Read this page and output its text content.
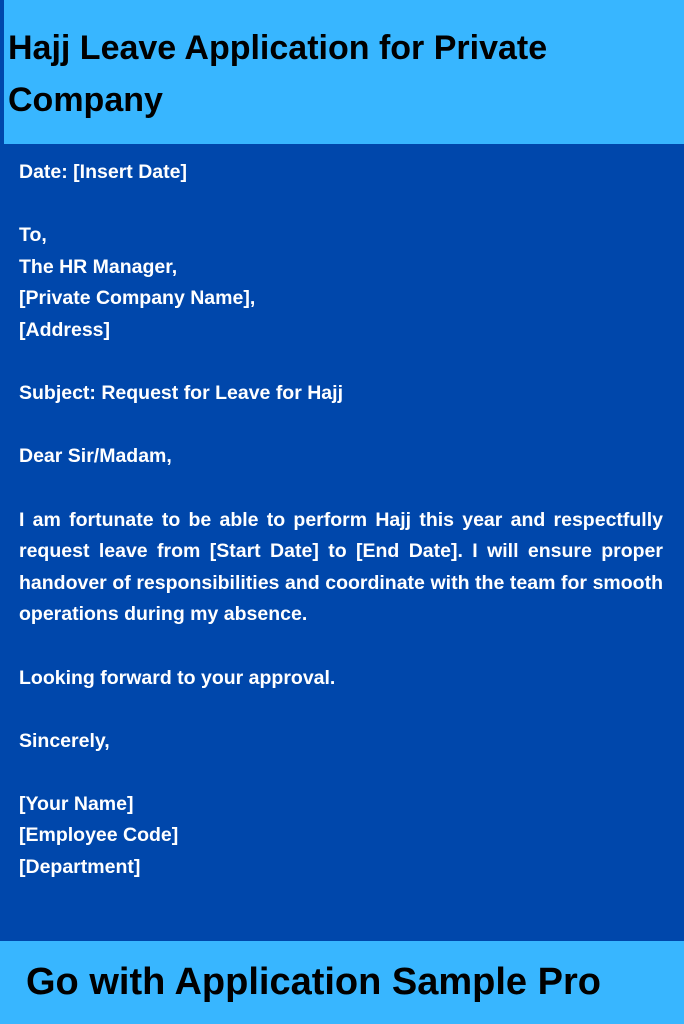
Hajj Leave Application for Private Company

Date: [Insert Date]

To,

The HR Manager,

[Private Company Name],

[Address]

Subject: Request for Leave for Hajj

Dear Sir/Madam,

I am fortunate to be able to perform Hajj this year and respectfully request leave from [Start Date] to [End Date]. I will ensure proper handover of responsibilities and coordinate with the team for smooth operations during my absence.

Looking forward to your approval.

Sincerely,

[Your Name]

[Employee Code]

[Department]

Go with Application Sample Pro
